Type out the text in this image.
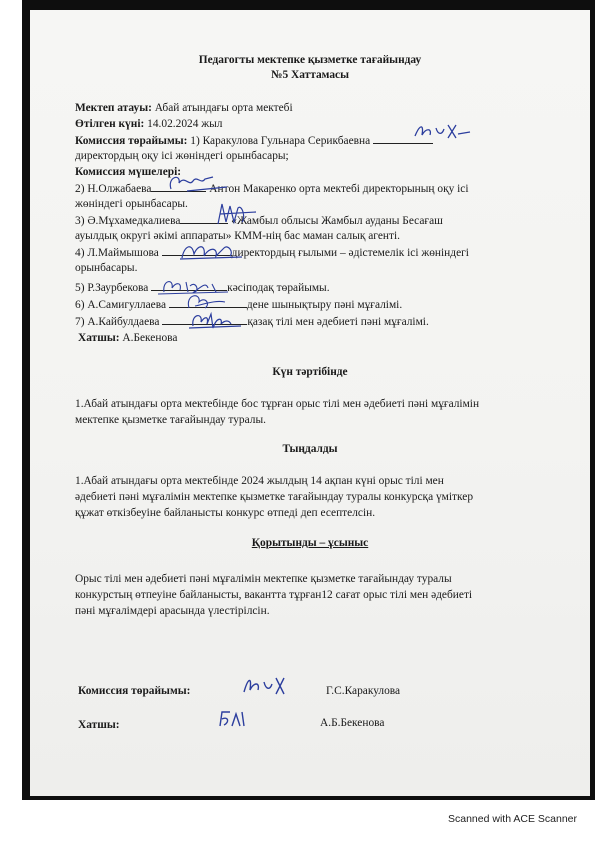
Педагогты мектепке қызметке тағайындау
№5 Хаттамасы
Мектеп атауы: Абай атындағы орта мектебі
Өтілген күні: 14.02.2024 жыл
Комиссия төрайымы: 1) Каракулова Гульнара Серикбаевна
директордың оқу ісі жөніндегі орынбасары;
Комиссия мүшелері:
2) Н.Олжабаева	Антон Макаренко орта мектебі директорының оқу ісі
жөніндегі орынбасары.
3) Ә.Мұхамедкалиева	«Жамбыл облысы Жамбыл ауданы Бесағаш
ауылдық округі әкімі аппараты» КММ-нің бас маман салық агенті.
4) Л.Маймышова	директордың ғылыми – әдістемелік ісі жөніндегі
орынбасары.
5) Р.Заурбекова	кәсіподақ төрайымы.
6) А.Самигуллаева	дене шынықтыру пәні мұғалімі.
7) А.Кайбулдаева	қазақ тілі мен әдебиеті пәні мұғалімі.
Хатшы: А.Бекенова
Күн тәртібінде
1.Абай атындағы орта мектебінде бос тұрған орыс тілі мен әдебиеті пәні мұғалімін
мектепке қызметке тағайындау туралы.
Тыңдалды
1.Абай атындағы орта мектебінде 2024 жылдың 14 ақпан күні орыс тілі мен
әдебиеті пәні мұғалімін мектепке қызметке тағайындау туралы конкурсқа үміткер
құжат өткізбеуіне байланысты конкурс өтпеді деп есептелсін.
Қорытынды – ұсыныс
Орыс тілі мен әдебиеті пәні мұғалімін мектепке қызметке тағайындау туралы
конкурстың өтпеуіне байланысты, вакантта тұрған12 сағат орыс тілі мен әдебиеті
пәні мұғалімдері арасында үлестірілсін.
Комиссия төрайымы:	Г.С.Каракулова
Хатшы:	А.Б.Бекенова
Scanned with ACE Scanner
